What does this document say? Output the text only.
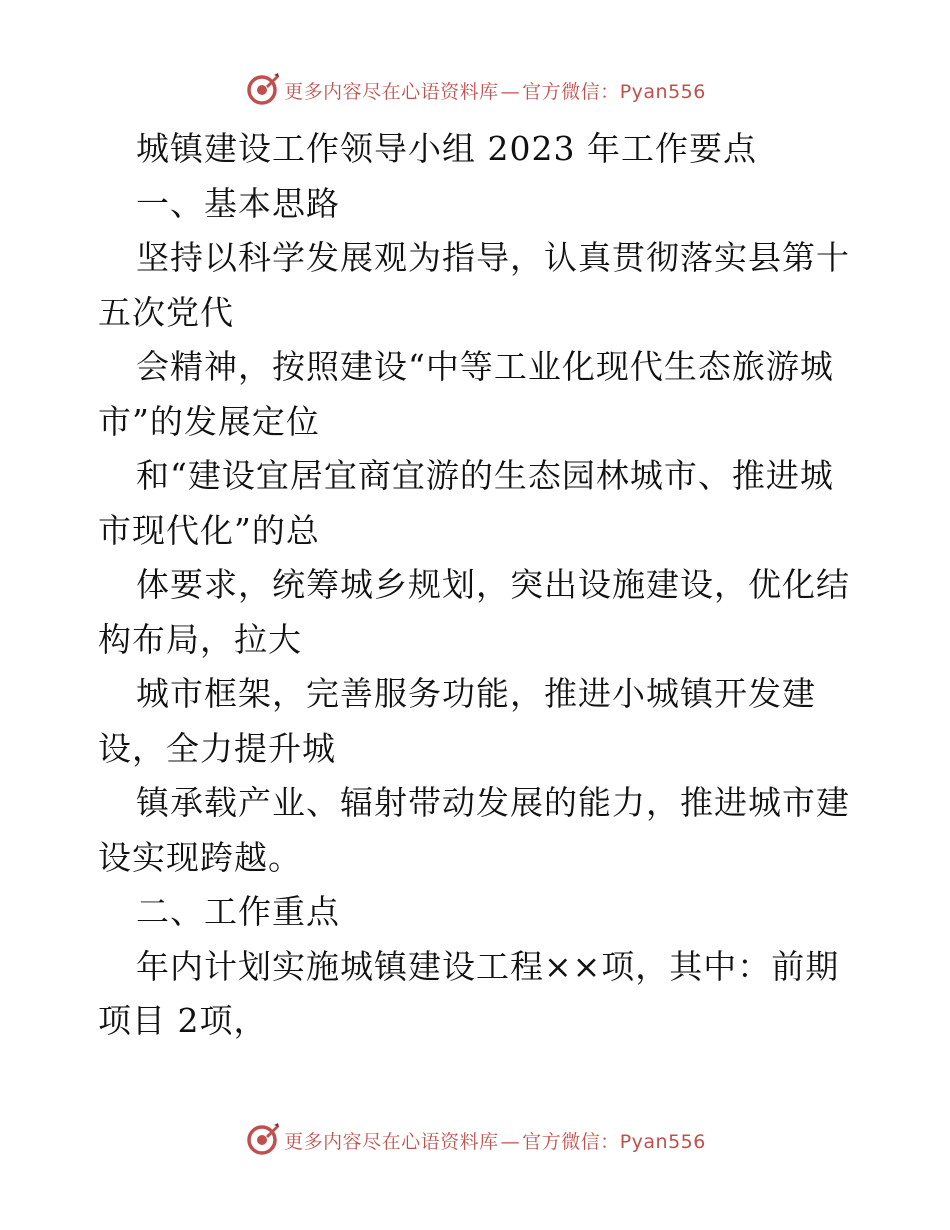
更多内容尽在心语资料库 — 官方微信：Pyan556
城镇建设工作领导小组 2023 年工作要点
一、基本思路
坚持以科学发展观为指导，认真贯彻落实县第十
五次党代
会精神，按照建设“中等工业化现代生态旅游城
市”的发展定位
和“建设宜居宜商宜游的生态园林城市、推进城
市现代化”的总
体要求，统筹城乡规划，突出设施建设，优化结
构布局，拉大
城市框架，完善服务功能，推进小城镇开发建
设，全力提升城
镇承载产业、辐射带动发展的能力，推进城市建
设实现跨越。
二、工作重点
年内计划实施城镇建设工程××项，其中：前期
项目 2项，
更多内容尽在心语资料库 — 官方微信：Pyan556
